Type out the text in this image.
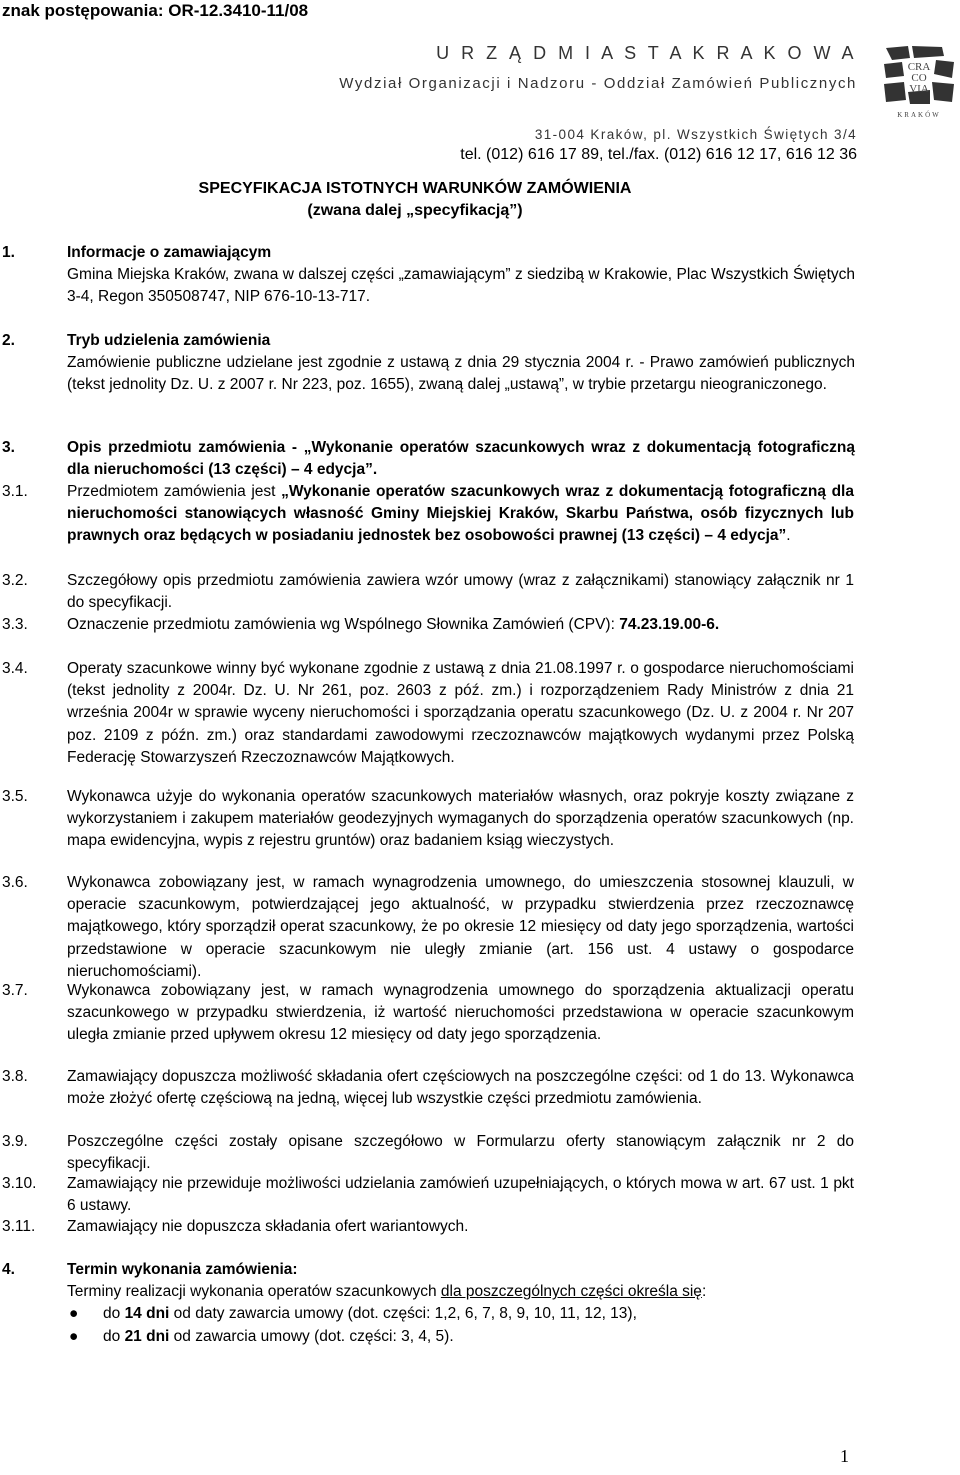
znak postępowania: OR-12.3410-11/08
U R Z Ą D M I A S T A K R A K O W A
Wydział Organizacji i Nadzoru - Oddział Zamówień Publicznych
31-004 Kraków, pl. Wszystkich Świętych 3/4
tel. (012) 616 17 89, tel./fax. (012) 616 12 17, 616 12 36
CRA
CO
VIA
KRAKÓW
SPECYFIKACJA ISTOTNYCH WARUNKÓW ZAMÓWIENIA
(zwana dalej „specyfikacją”)
1.	Informacje o zamawiającym

Gmina Miejska Kraków, zwana w dalszej części „zamawiającym” z siedzibą w Krakowie, Plac Wszystkich Świętych 3-4, Regon 350508747, NIP 676-10-13-717.

2.	Tryb udzielenia zamówienia

Zamówienie publiczne udzielane jest zgodnie z ustawą z dnia 29 stycznia 2004 r. - Prawo zamówień publicznych (tekst jednolity Dz. U. z 2007 r. Nr 223, poz. 1655), zwaną dalej „ustawą”, w trybie przetargu nieograniczonego.

3.	Opis przedmiotu zamówienia - „Wykonanie operatów szacunkowych wraz z dokumentacją fotograficzną dla nieruchomości (13 części) – 4 edycja”.

3.1.	Przedmiotem zamówienia jest „Wykonanie operatów szacunkowych wraz z dokumentacją fotograficzną dla nieruchomości stanowiących własność Gminy Miejskiej Kraków, Skarbu Państwa, osób fizycznych lub prawnych oraz będących w posiadaniu jednostek bez osobowości prawnej (13 części) – 4 edycja”.
3.2.	Szczegółowy opis przedmiotu zamówienia zawiera wzór umowy (wraz z załącznikami) stanowiący załącznik nr 1 do specyfikacji.
3.3.	Oznaczenie przedmiotu zamówienia wg Wspólnego Słownika Zamówień (CPV): 74.23.19.00-6.
3.4.	Operaty szacunkowe winny być wykonane zgodnie z ustawą z dnia 21.08.1997 r. o gospodarce nieruchomościami (tekst jednolity z 2004r. Dz. U. Nr 261, poz. 2603 z póź. zm.) i rozporządzeniem Rady Ministrów z dnia 21 września 2004r w sprawie wyceny nieruchomości i sporządzania operatu szacunkowego (Dz. U. z 2004 r. Nr 207 poz. 2109 z późn. zm.) oraz standardami zawodowymi rzeczoznawców majątkowych wydanymi przez Polską Federację Stowarzyszeń Rzeczoznawców Majątkowych.
3.5.	Wykonawca użyje do wykonania operatów szacunkowych materiałów własnych, oraz pokryje koszty związane z wykorzystaniem i zakupem materiałów geodezyjnych wymaganych do sporządzenia operatów szacunkowych (np. mapa ewidencyjna, wypis z rejestru gruntów) oraz badaniem ksiąg wieczystych.
3.6.	Wykonawca zobowiązany jest, w ramach wynagrodzenia umownego, do umieszczenia stosownej klauzuli, w operacie szacunkowym, potwierdzającej jego aktualność, w przypadku stwierdzenia przez rzeczoznawcę majątkowego, który sporządził operat szacunkowy, że po okresie 12 miesięcy od daty jego sporządzenia, wartości przedstawione w operacie szacunkowym nie uległy zmianie (art. 156 ust. 4 ustawy o gospodarce nieruchomościami).
3.7.	Wykonawca zobowiązany jest, w ramach wynagrodzenia umownego do sporządzenia aktualizacji operatu szacunkowego w przypadku stwierdzenia, iż wartość nieruchomości przedstawiona w operacie szacunkowym uległa zmianie przed upływem okresu 12 miesięcy od daty jego sporządzenia.
3.8.	Zamawiający dopuszcza możliwość składania ofert częściowych na poszczególne części: od 1 do 13. Wykonawca może złożyć ofertę częściową na jedną, więcej lub wszystkie części przedmiotu zamówienia.
3.9.	Poszczególne części zostały opisane szczegółowo w Formularzu oferty stanowiącym załącznik nr 2 do specyfikacji.
3.10. Zamawiający nie przewiduje możliwości udzielania zamówień uzupełniających, o których mowa w art. 67 ust. 1 pkt 6 ustawy.
3.11. Zamawiający nie dopuszcza składania ofert wariantowych.
4.	Termin wykonania zamówienia:

Terminy realizacji wykonania operatów szacunkowych dla poszczególnych części określa się:

● do 14 dni od daty zawarcia umowy (dot. części: 1,2, 6, 7, 8, 9, 10, 11, 12, 13),
● do 21 dni od zawarcia umowy (dot. części: 3, 4, 5).
1
